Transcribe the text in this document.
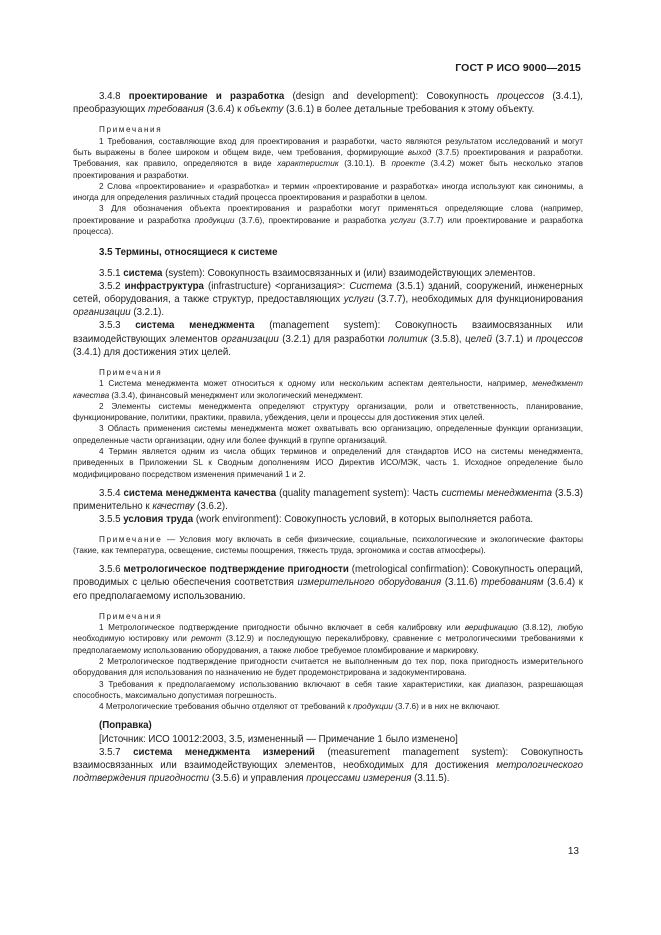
ГОСТ Р ИСО 9000—2015

3.4.8 проектирование и разработка (design and development): Совокупность процессов (3.4.1), преобразующих требования (3.6.4) к объекту (3.6.1) в более детальные требования к этому объекту.

Примечания

1 Требования, составляющие вход для проектирования и разработки, часто являются результатом исследований и могут быть выражены в более широком и общем виде, чем требования, формирующие выход (3.7.5) проектирования и разработки. Требования, как правило, определяются в виде характеристик (3.10.1). В проекте (3.4.2) может быть несколько этапов проектирования и разработки.

2 Слова «проектирование» и «разработка» и термин «проектирование и разработка» иногда используют как синонимы, а иногда для определения различных стадий процесса проектирования и разработки в целом.

3 Для обозначения объекта проектирования и разработки могут применяться определяющие слова (например, проектирование и разработка продукции (3.7.6), проектирование и разработка услуги (3.7.7) или проектирование и разработка процесса).

3.5 Термины, относящиеся к системе

3.5.1 система (system): Совокупность взаимосвязанных и (или) взаимодействующих элементов.

3.5.2 инфраструктура (infrastructure) <организация>: Система (3.5.1) зданий, сооружений, инженерных сетей, оборудования, а также структур, предоставляющих услуги (3.7.7), необходимых для функционирования организации (3.2.1).

3.5.3 система менеджмента (management system): Совокупность взаимосвязанных или взаимодействующих элементов организации (3.2.1) для разработки политик (3.5.8), целей (3.7.1) и процессов (3.4.1) для достижения этих целей.

Примечания

1 Система менеджмента может относиться к одному или нескольким аспектам деятельности, например, менеджмент качества (3.3.4), финансовый менеджмент или экологический менеджмент.

2 Элементы системы менеджмента определяют структуру организации, роли и ответственность, планирование, функционирование, политики, практики, правила, убеждения, цели и процессы для достижения этих целей.

3 Область применения системы менеджмента может охватывать всю организацию, определенные функции организации, определенные части организации, одну или более функций в группе организаций.

4 Термин является одним из числа общих терминов и определений для стандартов ИСО на системы менеджмента, приведенных в Приложении SL к Сводным дополнениям ИСО Директив ИСО/МЭК, часть 1. Исходное определение было модифицировано посредством изменения примечаний 1 и 2.

3.5.4 система менеджмента качества (quality management system): Часть системы менеджмента (3.5.3) применительно к качеству (3.6.2).

3.5.5 условия труда (work environment): Совокупность условий, в которых выполняется работа.

Примечание — Условия могу включать в себя физические, социальные, психологические и экологические факторы (такие, как температура, освещение, системы поощрения, тяжесть труда, эргономика и состав атмосферы).

3.5.6 метрологическое подтверждение пригодности (metrological confirmation): Совокупность операций, проводимых с целью обеспечения соответствия измерительного оборудования (3.11.6) требованиям (3.6.4) к его предполагаемому использованию.

Примечания

1 Метрологическое подтверждение пригодности обычно включает в себя калибровку или верификацию (3.8.12), любую необходимую юстировку или ремонт (3.12.9) и последующую перекалибровку, сравнение с метрологическими требованиями к предполагаемому использованию оборудования, а также любое требуемое пломбирование и маркировку.

2 Метрологическое подтверждение пригодности считается не выполненным до тех пор, пока пригодность измерительного оборудования для использования по назначению не будет продемонстрирована и задокументирована.

3 Требования к предполагаемому использованию включают в себя такие характеристики, как диапазон, разрешающая способность, максимально допустимая погрешность.

4 Метрологические требования обычно отделяют от требований к продукции (3.7.6) и в них не включают.

(Поправка)

[Источник: ИСО 10012:2003, 3.5, измененный — Примечание 1 было изменено]

3.5.7 система менеджмента измерений (measurement management system): Совокупность взаимосвязанных или взаимодействующих элементов, необходимых для достижения метрологического подтверждения пригодности (3.5.6) и управления процессами измерения (3.11.5).

13
